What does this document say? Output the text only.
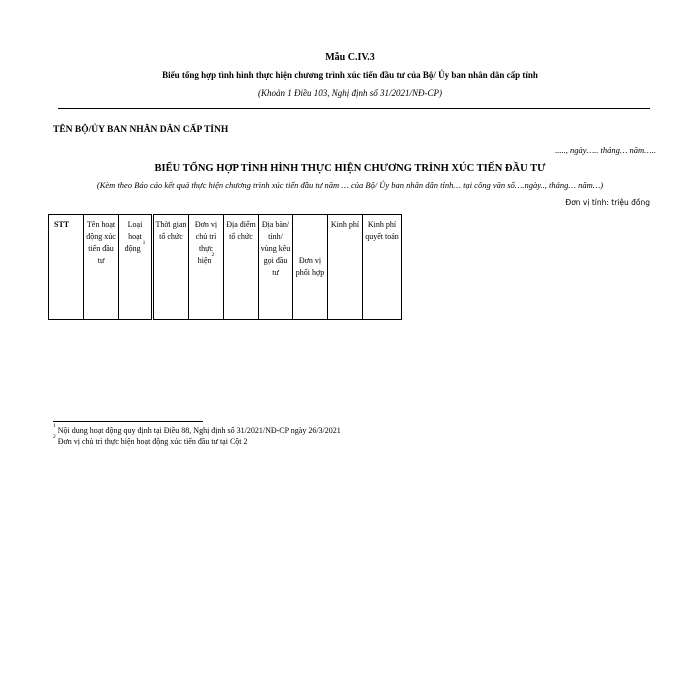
Mẫu C.IV.3
Biểu tổng hợp tình hình thực hiện chương trình xúc tiến đầu tư của Bộ/ Ủy ban nhân dân cấp tỉnh
(Khoản 1 Điều 103, Nghị định số 31/2021/NĐ-CP)
TÊN BỘ/ỦY BAN NHÂN DÂN CẤP TỈNH
....., ngày….. tháng… năm…..
BIỂU TỔNG HỢP TÌNH HÌNH THỰC HIỆN CHƯƠNG TRÌNH XÚC TIẾN ĐẦU TƯ
(Kèm theo Báo cáo kết quả thực hiện chương trình xúc tiến đầu tư năm … của Bộ/ Ủy ban nhân dân tỉnh… tại công văn số….ngày.., tháng… năm…)
Đơn vị tính: triệu đồng
STT	Tên hoạt động xúc tiến đầu tư	Loại hoạt động $^1$		Thời gian tổ chức	Đơn vị chủ trì thực hiện$^2$	Địa điểm tổ chức	Địa bàn/ tỉnh/ vùng kêu gọi đầu tư	Đơn vị phối hợp	Kinh phí	Kinh phí quyết toán
$^1$ Nội dung hoạt động quy định tại Điều 88, Nghị định số 31/2021/NĐ-CP ngày 26/3/2021
$^2$ Đơn vị chủ trì thực hiện hoạt động xúc tiến đầu tư tại Cột 2
